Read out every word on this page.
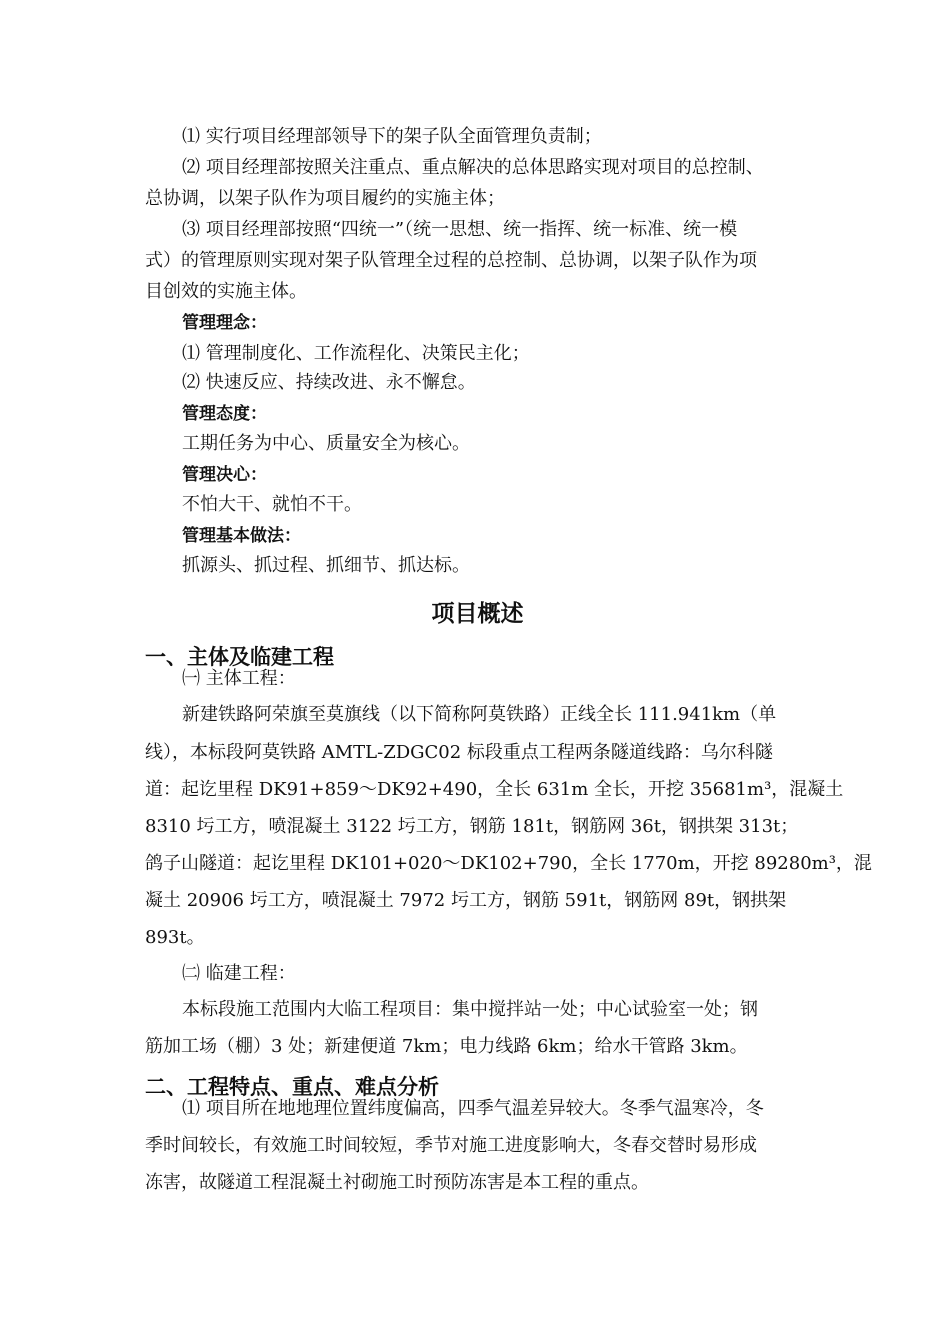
⑴ 实行项目经理部领导下的架子队全面管理负责制；
⑵ 项目经理部按照关注重点、重点解决的总体思路实现对项目的总控制、
总协调，以架子队作为项目履约的实施主体；
⑶ 项目经理部按照“四统一”（统一思想、统一指挥、统一标准、统一模
式）的管理原则实现对架子队管理全过程的总控制、总协调，以架子队作为项
目创效的实施主体。
管理理念：
⑴ 管理制度化、工作流程化、决策民主化；
⑵ 快速反应、持续改进、永不懈怠。
管理态度：
工期任务为中心、质量安全为核心。
管理决心：
不怕大干、就怕不干。
管理基本做法：
抓源头、抓过程、抓细节、抓达标。
项目概述
一、主体及临建工程
㈠ 主体工程：
新建铁路阿荣旗至莫旗线（以下简称阿莫铁路）正线全长 111.941km（单
线），本标段阿莫铁路 AMTL-ZDGC02 标段重点工程两条隧道线路：乌尔科隧
道：起讫里程 DK91+859～DK92+490，全长 631m 全长，开挖 35681m³，混凝土
8310 圬工方，喷混凝土 3122 圬工方，钢筋 181t，钢筋网 36t，钢拱架 313t；
鸽子山隧道：起讫里程 DK101+020～DK102+790，全长 1770m，开挖 89280m³，混
凝土 20906 圬工方，喷混凝土 7972 圬工方，钢筋 591t，钢筋网 89t，钢拱架
893t。
㈡ 临建工程：
本标段施工范围内大临工程项目：集中搅拌站一处；中心试验室一处；钢
筋加工场（棚）3 处；新建便道 7km；电力线路 6km；给水干管路 3km。
二、工程特点、重点、难点分析
⑴ 项目所在地地理位置纬度偏高，四季气温差异较大。冬季气温寒冷，冬
季时间较长，有效施工时间较短，季节对施工进度影响大，冬春交替时易形成
冻害，故隧道工程混凝土衬砌施工时预防冻害是本工程的重点。
